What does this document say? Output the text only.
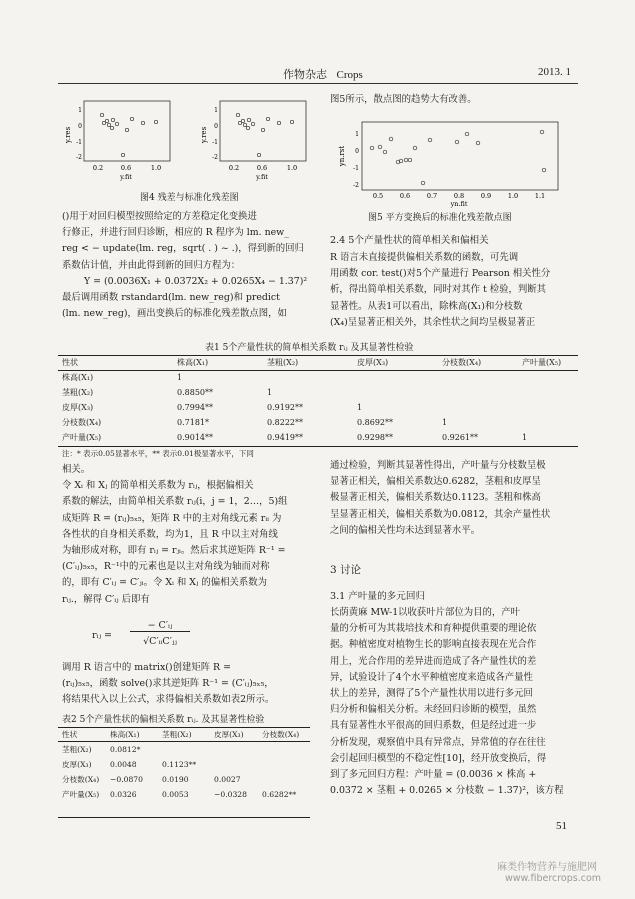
作物杂志 Crops	2013. 1
y.res
1
0
-1
-2
0.2	0.6	1.0
y.fit
y.res
1
0
-1
-2
0.2	0.6	1.0
y.fit
图4 残差与标准化残差图
()用于对回归模型按照给定的方差稳定化变换进
行修正，并进行回归诊断，相应的 R 程序为 lm. new_
reg < − update(lm. reg，sqrt( . ) ~ .)，得到新的回归
系数估计值，并由此得到新的回归方程为：
Y = (0.0036X₁ + 0.0372X₂ + 0.0265X₄ − 1.37)²
最后调用函数 rstandard(lm. new_reg)和 predict
(lm. new_reg)，画出变换后的标准化残差散点图，如
图5所示，散点图的趋势大有改善。
yn.rst
1
0
-1
-2
0.5	0.6	0.7	0.8	0.9	1.0	1.1
yn.fit
图5 平方变换后的标准化残差散点图
2.4 5个产量性状的简单相关和偏相关
R 语言未直接提供偏相关系数的函数，可先调
用函数 cor. test()对5个产量进行 Pearson 相关性分
析，得出简单相关系数，同时对其作 t 检验，判断其
显著性。从表1可以看出，除株高(X₁)和分枝数
(X₄)呈显著正相关外，其余性状之间均呈极显著正
表1 5个产量性状的简单相关系数 rᵢⱼ 及其显著性检验
性状	株高(X₁)	茎粗(X₂)	皮厚(X₃)	分枝数(X₄)	产叶量(X₅)
株高(X₁)	1				
茎粗(X₂)	0.8850**	1			
皮厚(X₃)	0.7994**	0.9192**	1		
分枝数(X₄)	0.7181*	0.8222**	0.8692**	1	
产叶量(X₅)	0.9014**	0.9419**	0.9298**	0.9261**	1
注：* 表示0.05显著水平，** 表示0.01极显著水平，下同
相关。
令 Xᵢ 和 Xⱼ 的简单相关系数为 rᵢⱼ，根据偏相关
系数的解法，由简单相关系数 rᵢⱼ(i，j = 1，2…，5)组
成矩阵 R = (rᵢⱼ)₅ₓ₅，矩阵 R 中的主对角线元素 rᵢᵢ 为
各性状的自身相关系数，均为1，且 R 中以主对角线
为轴形成对称，即有 rᵢⱼ = rⱼᵢ。然后求其逆矩阵 R⁻¹ =
(C′ᵢⱼ)₅ₓ₅，R⁻¹中的元素也是以主对角线为轴而对称
的，即有 C′ᵢⱼ = C′ⱼᵢ。令 Xᵢ 和 Xⱼ 的偏相关系数为
rᵢⱼ.，解得 C′ᵢⱼ 后即有
rᵢⱼ =
− C′ᵢⱼ
√C′ᵢᵢC′ⱼⱼ
调用 R 语言中的 matrix()创建矩阵 R =
(rᵢⱼ)₅ₓ₅，函数 solve()求其逆矩阵 R⁻¹ = (C′ᵢⱼ)₅ₓ₅，
将结果代入以上公式，求得偏相关系数如表2所示。
表2 5个产量性状的偏相关系数 rᵢⱼ. 及其显著性检验
性状	株高(X₁)	茎粗(X₂)	皮厚(X₃)	分枝数(X₄)
茎粗(X₂)	0.0812*			
皮厚(X₃)	0.0048	0.1123**		
分枝数(X₄)	−0.0870	0.0190	0.0027	
产叶量(X₅)	0.0326	0.0053	−0.0328	0.6282**
通过检验，判断其显著性得出，产叶量与分枝数呈极
显著正相关，偏相关系数达0.6282，茎粗和皮厚呈
极显著正相关，偏相关系数达0.1123。茎粗和株高
呈显著正相关，偏相关系数为0.0812，其余产量性状
之间的偏相关性均未达到显著水平。
3 讨论
3.1 产叶量的多元回归
长荫黄麻 MW-1以收获叶片部位为目的，产叶
量的分析可为其栽培技术和育种提供重要的理论依
据。种植密度对植物生长的影响直接表现在光合作
用上，光合作用的差异进而造成了各产量性状的差
异，试验设计了4个水平种植密度来造成各产量性
状上的差异，测得了5个产量性状用以进行多元回
归分析和偏相关分析。未经回归诊断的模型，虽然
具有显著性水平很高的回归系数，但是经过进一步
分析发现，观察值中具有异常点，异常值的存在往往
会引起回归模型的不稳定性[10]，经开放变换后，得
到了多元回归方程：产叶量 = (0.0036 × 株高 +
0.0372 × 茎粗 + 0.0265 × 分枝数 − 1.37)²，该方程
51
麻类作物营养与施肥网
www.fibercrops.com
